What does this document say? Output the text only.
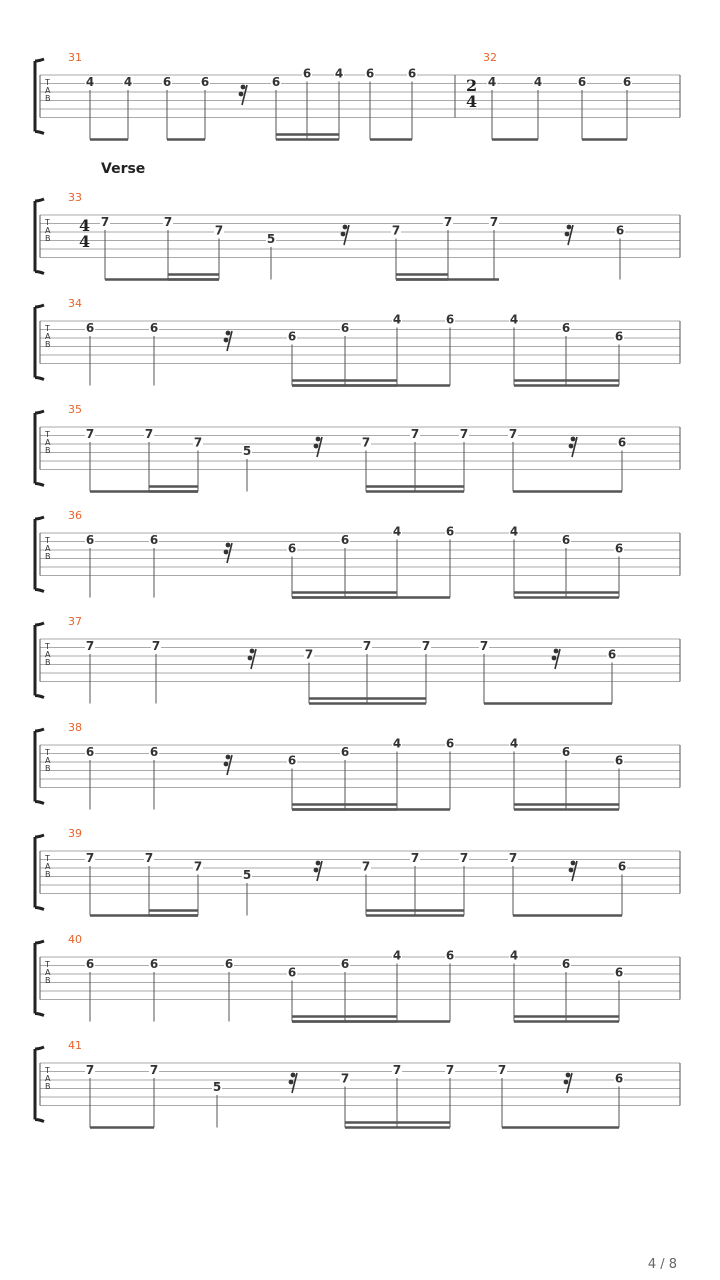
T
A
B
31
4 4	6 6	6
6 4 6	6
32
2
4
4	4	6	6
Verse
T
A
B
33
4
4
7	7
7
5
7
7	7
6
T
A
B
34
6	6
6
6
4	6	4
6
6
T
A
B
35
7	7
7
5
7
7	7	7
6
T
A
B
36
6	6
6
6
4	6	4
6
6
T
A
B
37
7	7
7
7	7	7
6
T
A
B
38
6	6
6
6
4	6	4
6
6
T
A
B
39
7	7
7
5
7
7	7	7
6
T
A
B
40
6	6	6
6
6
4	6	4
6
6
T
A
B
41
7	7
5
7
7	7	7
6
4 / 8
